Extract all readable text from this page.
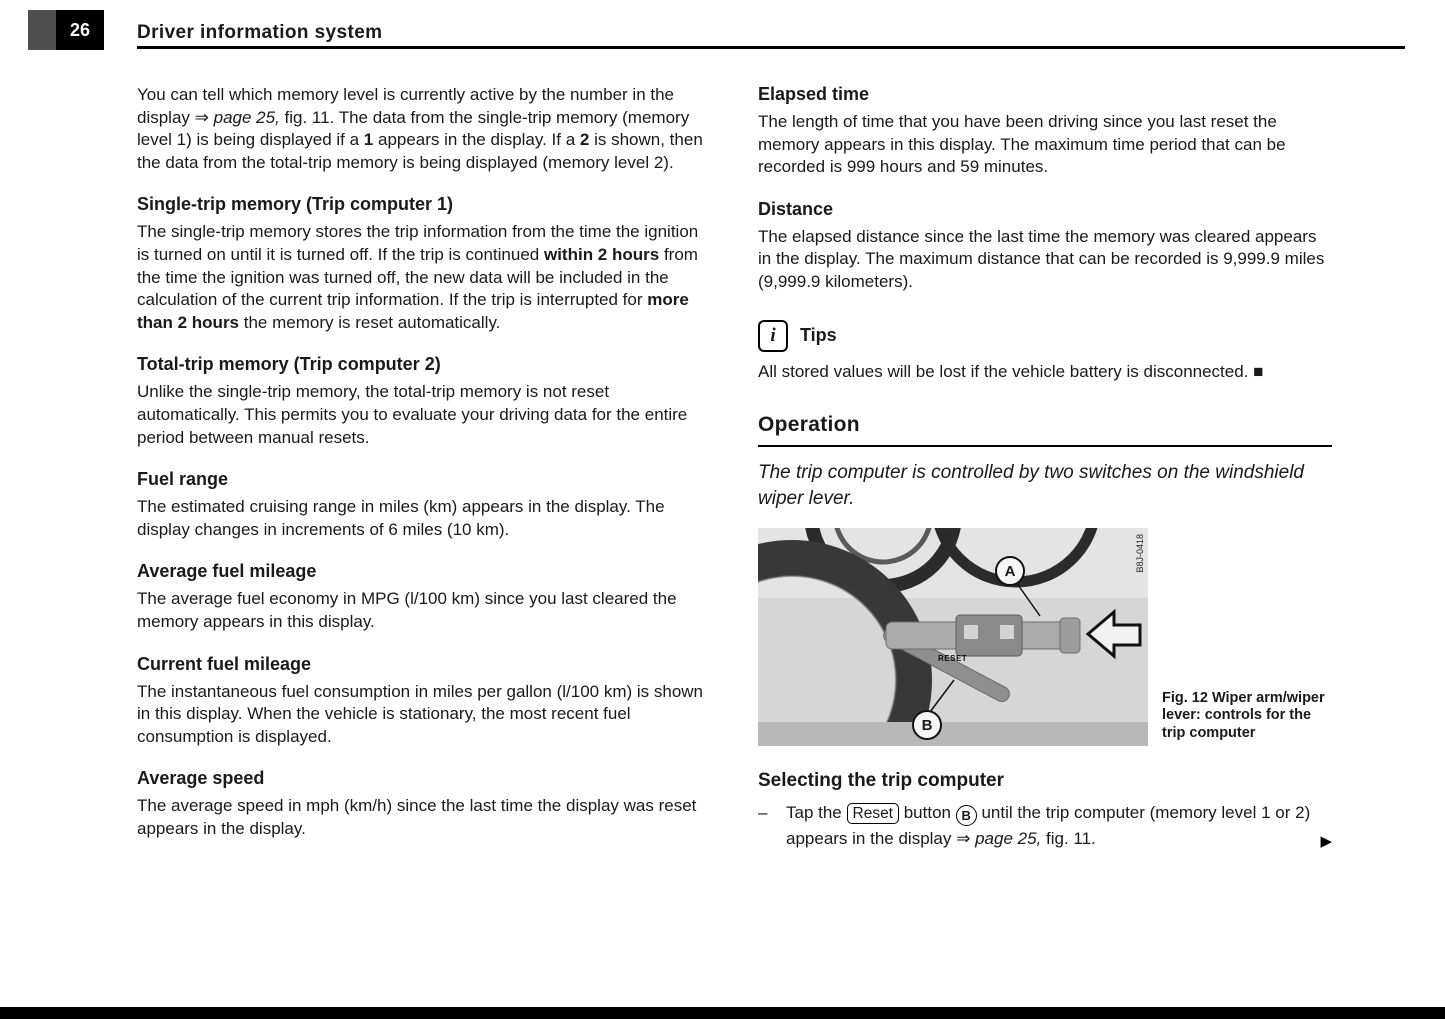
26	Driver information system

You can tell which memory level is currently active by the number in the display ⇒ page 25, fig. 11. The data from the single-trip memory (memory level 1) is being displayed if a 1 appears in the display. If a 2 is shown, then the data from the total-trip memory is being displayed (memory level 2).

Single-trip memory (Trip computer 1)

The single-trip memory stores the trip information from the time the ignition is turned on until it is turned off. If the trip is continued within 2 hours from the time the ignition was turned off, the new data will be included in the calculation of the current trip information. If the trip is interrupted for more than 2 hours the memory is reset automatically.

Total-trip memory (Trip computer 2)

Unlike the single-trip memory, the total-trip memory is not reset automatically. This permits you to evaluate your driving data for the entire period between manual resets.

Fuel range

The estimated cruising range in miles (km) appears in the display. The display changes in increments of 6 miles (10 km).

Average fuel mileage

The average fuel economy in MPG (l/100 km) since you last cleared the memory appears in this display.

Current fuel mileage

The instantaneous fuel consumption in miles per gallon (l/100 km) is shown in this display. When the vehicle is stationary, the most recent fuel consumption is displayed.

Average speed

The average speed in mph (km/h) since the last time the display was reset appears in the display.

Elapsed time

The length of time that you have been driving since you last reset the memory appears in this display. The maximum time period that can be recorded is 999 hours and 59 minutes.

Distance

The elapsed distance since the last time the memory was cleared appears in the display. The maximum distance that can be recorded is 9,999.9 miles (9,999.9 kilometers).

i	Tips

All stored values will be lost if the vehicle battery is disconnected. ■

Operation

The trip computer is controlled by two switches on the windshield wiper lever.

A
B
RESET
B8J-0418
Fig. 12 Wiper arm/wiper lever: controls for the trip computer
Selecting the trip computer
–	Tap the Reset button B until the trip computer (memory level 1 or 2) appears in the display ⇒ page 25, fig. 11.	▶
